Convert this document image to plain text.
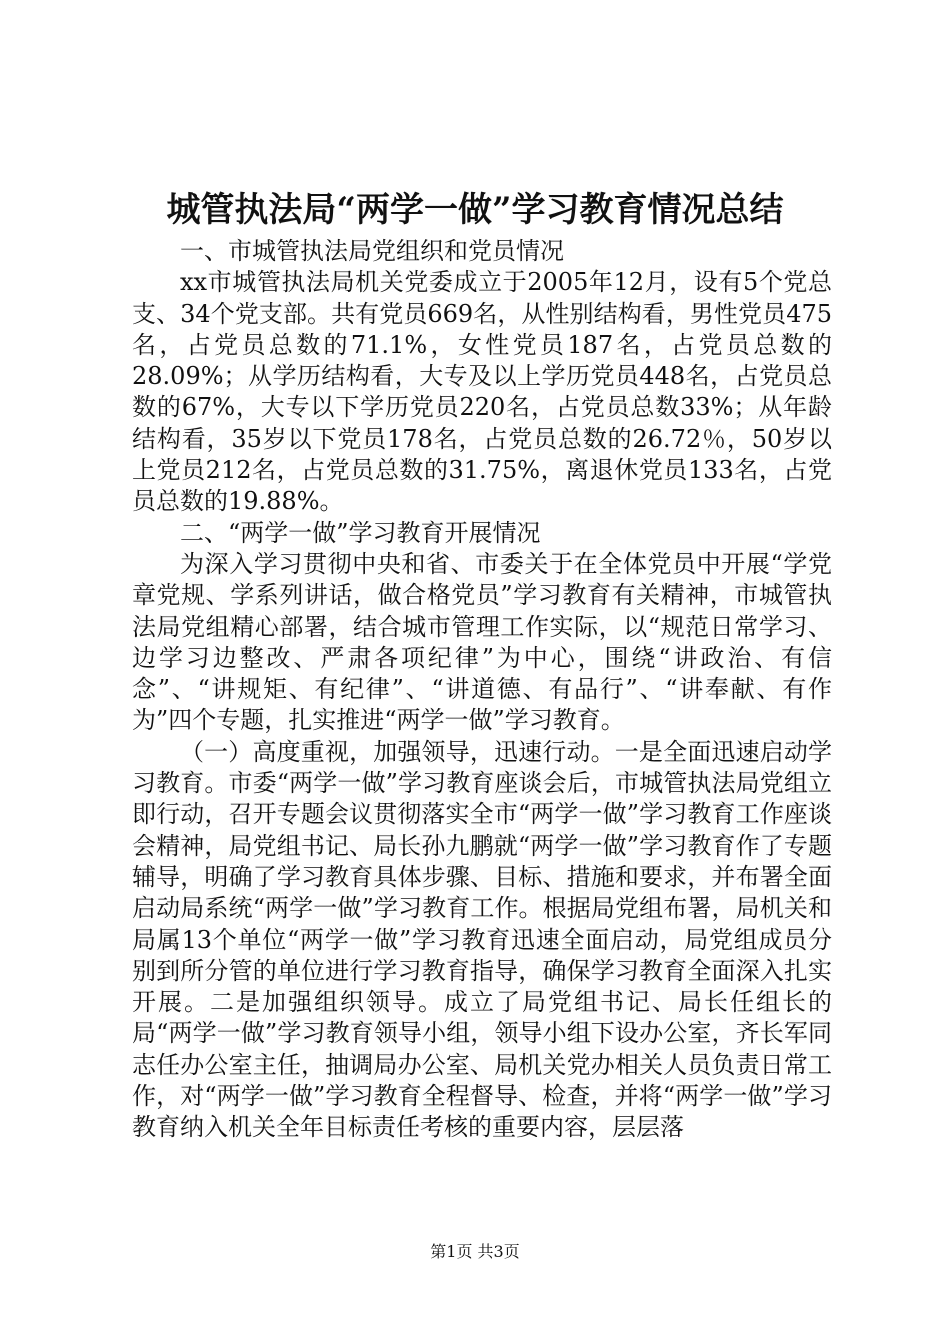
城管执法局“两学一做”学习教育情况总结

一、市城管执法局党组织和党员情况

xx市城管执法局机关党委成立于2005年12月，设有5个党总支、34个党支部。共有党员669名，从性别结构看，男性党员475名，占党员总数的71.1%，女性党员187名，占党员总数的28.09%；从学历结构看，大专及以上学历党员448名，占党员总数的67%，大专以下学历党员220名，占党员总数33%；从年龄结构看，35岁以下党员178名，占党员总数的26.72％，50岁以上党员212名，占党员总数的31.75%，离退休党员133名，占党员总数的19.88%。

二、“两学一做”学习教育开展情况

为深入学习贯彻中央和省、市委关于在全体党员中开展“学党章党规、学系列讲话，做合格党员”学习教育有关精神，市城管执法局党组精心部署，结合城市管理工作实际，以“规范日常学习、边学习边整改、严肃各项纪律”为中心，围绕“讲政治、有信念”、“讲规矩、有纪律”、“讲道德、有品行”、“讲奉献、有作为”四个专题，扎实推进“两学一做”学习教育。

（一）高度重视，加强领导，迅速行动。一是全面迅速启动学习教育。市委“两学一做”学习教育座谈会后，市城管执法局党组立即行动，召开专题会议贯彻落实全市“两学一做”学习教育工作座谈会精神，局党组书记、局长孙九鹏就“两学一做”学习教育作了专题辅导，明确了学习教育具体步骤、目标、措施和要求，并布署全面启动局系统“两学一做”学习教育工作。根据局党组布署，局机关和局属13个单位“两学一做”学习教育迅速全面启动，局党组成员分别到所分管的单位进行学习教育指导，确保学习教育全面深入扎实开展。二是加强组织领导。成立了局党组书记、局长任组长的局“两学一做”学习教育领导小组，领导小组下设办公室，齐长军同志任办公室主任，抽调局办公室、局机关党办相关人员负责日常工作，对“两学一做”学习教育全程督导、检查，并将“两学一做”学习教育纳入机关全年目标责任考核的重要内容，层层落

第1页 共3页
